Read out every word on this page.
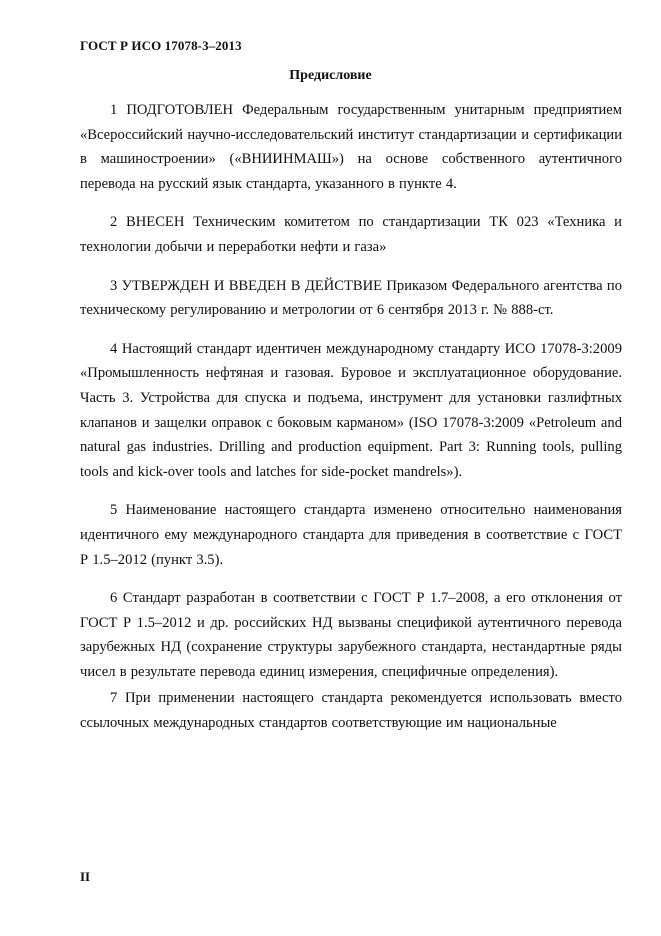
ГОСТ Р ИСО 17078-3–2013
Предисловие

1 ПОДГОТОВЛЕН Федеральным государственным унитарным предприятием «Всероссийский научно-исследовательский институт стандартизации и сертификации в машиностроении» («ВНИИНМАШ») на основе собственного аутентичного перевода на русский язык стандарта, указанного в пункте 4.

2 ВНЕСЕН Техническим комитетом по стандартизации ТК 023 «Техника и технологии добычи и переработки нефти и газа»

3 УТВЕРЖДЕН И ВВЕДЕН В ДЕЙСТВИЕ Приказом Федерального агентства по техническому регулированию и метрологии от 6 сентября 2013 г. № 888-ст.

4 Настоящий стандарт идентичен международному стандарту ИСО 17078-3:2009 «Промышленность нефтяная и газовая. Буровое и эксплуатационное оборудование. Часть 3. Устройства для спуска и подъема, инструмент для установки газлифтных клапанов и защелки оправок с боковым карманом» (ISO 17078-3:2009 «Petroleum and natural gas industries. Drilling and production equipment. Part 3: Running tools, pulling tools and kick-over tools and latches for side-pocket mandrels»).

5 Наименование настоящего стандарта изменено относительно наименования идентичного ему международного стандарта для приведения в соответствие с ГОСТ Р 1.5–2012 (пункт 3.5).

6 Стандарт разработан в соответствии с ГОСТ Р 1.7–2008, а его отклонения от ГОСТ Р 1.5–2012 и др. российских НД вызваны спецификой аутентичного перевода зарубежных НД (сохранение структуры зарубежного стандарта, нестандартные ряды чисел в результате перевода единиц измерения, специфичные определения).

7 При применении настоящего стандарта рекомендуется использовать вместо ссылочных международных стандартов соответствующие им национальные

II
